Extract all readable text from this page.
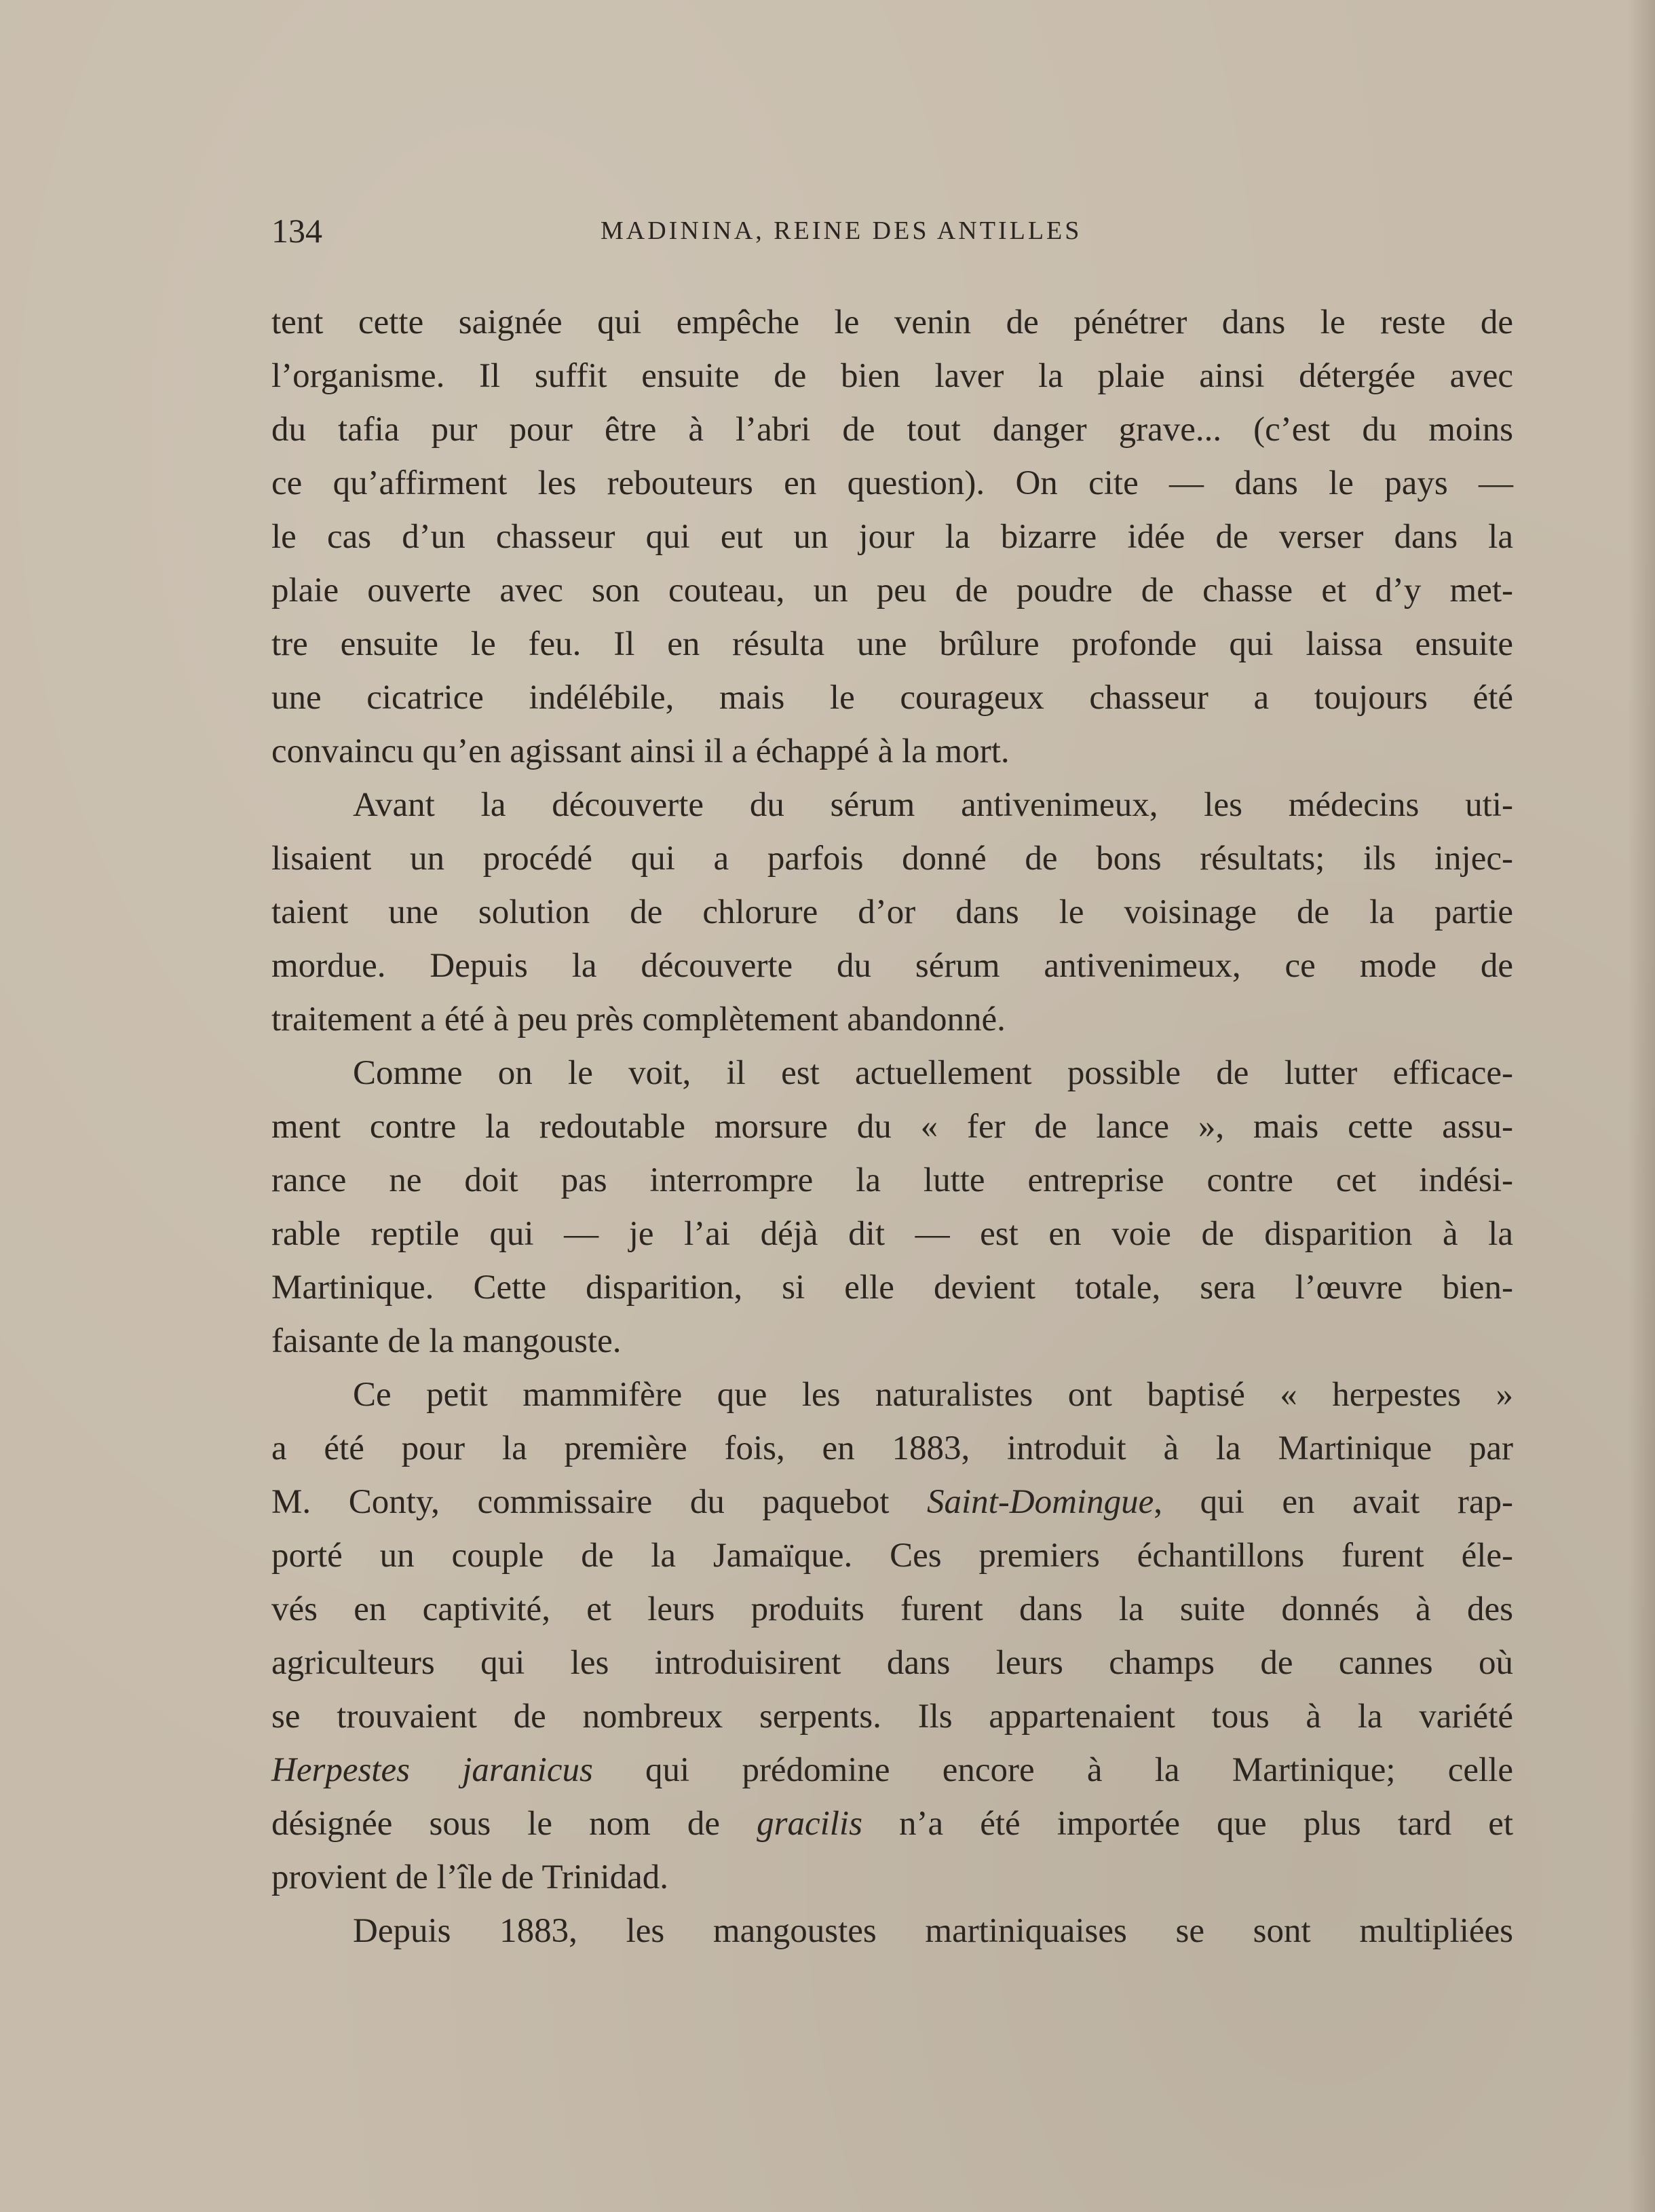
134	MADININA, REINE DES ANTILLES
tent cette saignée qui empêche le venin de pénétrer dans le reste de
l’organisme. Il suffit ensuite de bien laver la plaie ainsi détergée avec
du tafia pur pour être à l’abri de tout danger grave... (c’est du moins
ce qu’affirment les rebouteurs en question). On cite — dans le pays —
le cas d’un chasseur qui eut un jour la bizarre idée de verser dans la
plaie ouverte avec son couteau, un peu de poudre de chasse et d’y met-
tre ensuite le feu. Il en résulta une brûlure profonde qui laissa ensuite
une cicatrice indélébile, mais le courageux chasseur a toujours été
convaincu qu’en agissant ainsi il a échappé à la mort.
Avant la découverte du sérum antivenimeux, les médecins uti-
lisaient un procédé qui a parfois donné de bons résultats; ils injec-
taient une solution de chlorure d’or dans le voisinage de la partie
mordue. Depuis la découverte du sérum antivenimeux, ce mode de
traitement a été à peu près complètement abandonné.
Comme on le voit, il est actuellement possible de lutter efficace-
ment contre la redoutable morsure du « fer de lance », mais cette assu-
rance ne doit pas interrompre la lutte entreprise contre cet indési-
rable reptile qui — je l’ai déjà dit — est en voie de disparition à la
Martinique. Cette disparition, si elle devient totale, sera l’œuvre bien-
faisante de la mangouste.
Ce petit mammifère que les naturalistes ont baptisé « herpestes »
a été pour la première fois, en 1883, introduit à la Martinique par
M. Conty, commissaire du paquebot Saint-Domingue, qui en avait rap-
porté un couple de la Jamaïque. Ces premiers échantillons furent éle-
vés en captivité, et leurs produits furent dans la suite donnés à des
agriculteurs qui les introduisirent dans leurs champs de cannes où
se trouvaient de nombreux serpents. Ils appartenaient tous à la variété
Herpestes jaranicus qui prédomine encore à la Martinique; celle
désignée sous le nom de gracilis n’a été importée que plus tard et
provient de l’île de Trinidad.
Depuis 1883, les mangoustes martiniquaises se sont multipliées
